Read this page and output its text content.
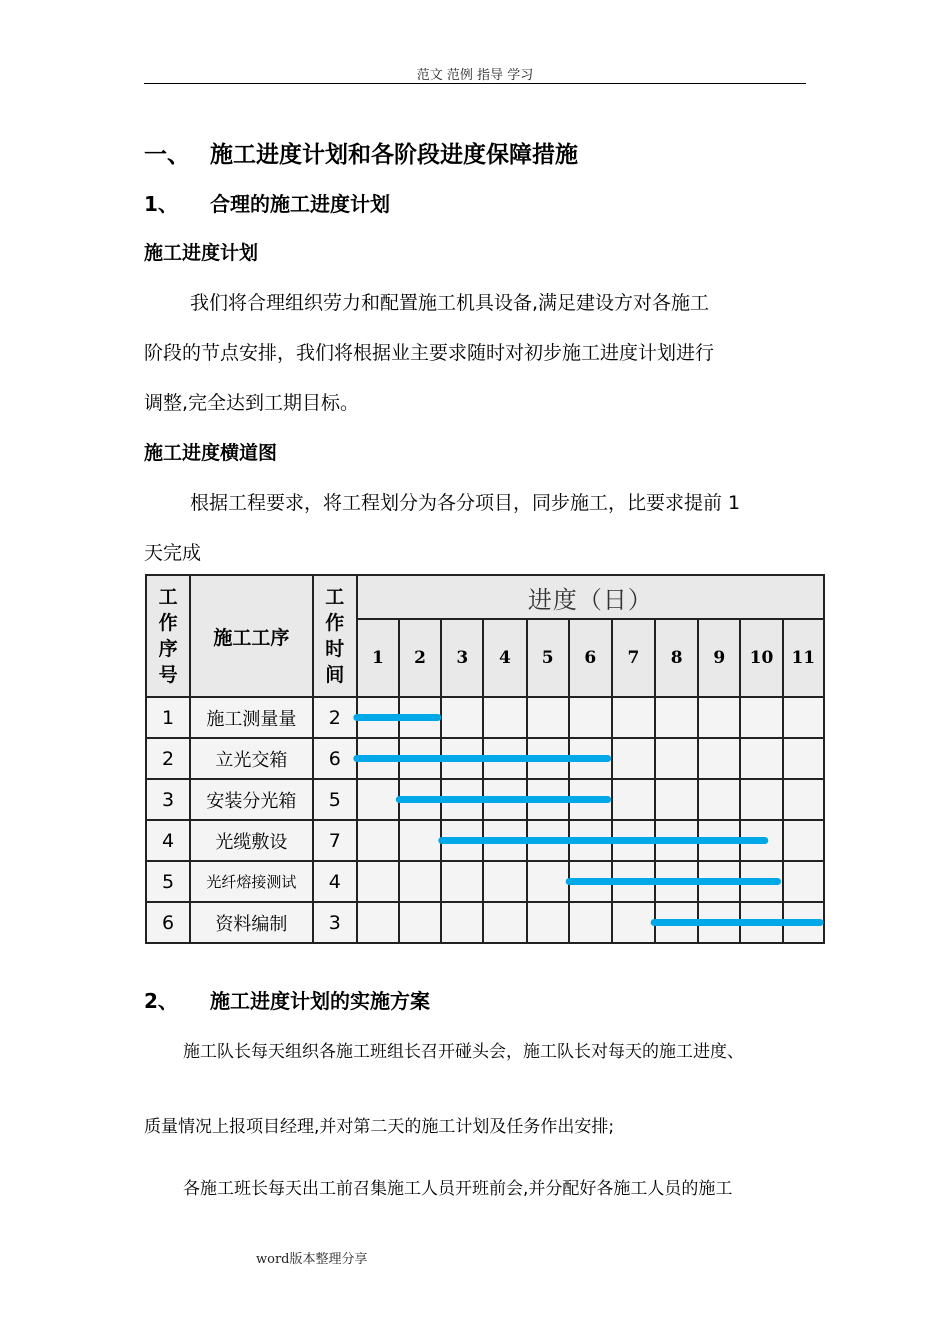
范文 范例 指导 学习
一、 施工进度计划和各阶段进度保障措施
1、 合理的施工进度计划
施工进度计划
我们将合理组织劳力和配置施工机具设备,满足建设方对各施工
阶段的节点安排，我们将根据业主要求随时对初步施工进度计划进行
调整,完全达到工期目标。
施工进度横道图
根据工程要求，将工程划分为各分项目，同步施工，比要求提前 1
天完成
工作序号	施工工序	工作时间	进度（日）										
			1	2	3	4	5	6	7	8	9	10	11
1	施工测量量	2											
2	立光交箱	6											
3	安装分光箱	5											
4	光缆敷设	7											
5	光纤熔接测试	4											
6	资料编制	3											
2、 施工进度计划的实施方案
施工队长每天组织各施工班组长召开碰头会，施工队长对每天的施工进度、
质量情况上报项目经理,并对第二天的施工计划及任务作出安排;
各施工班长每天出工前召集施工人员开班前会,并分配好各施工人员的施工
word版本整理分享
